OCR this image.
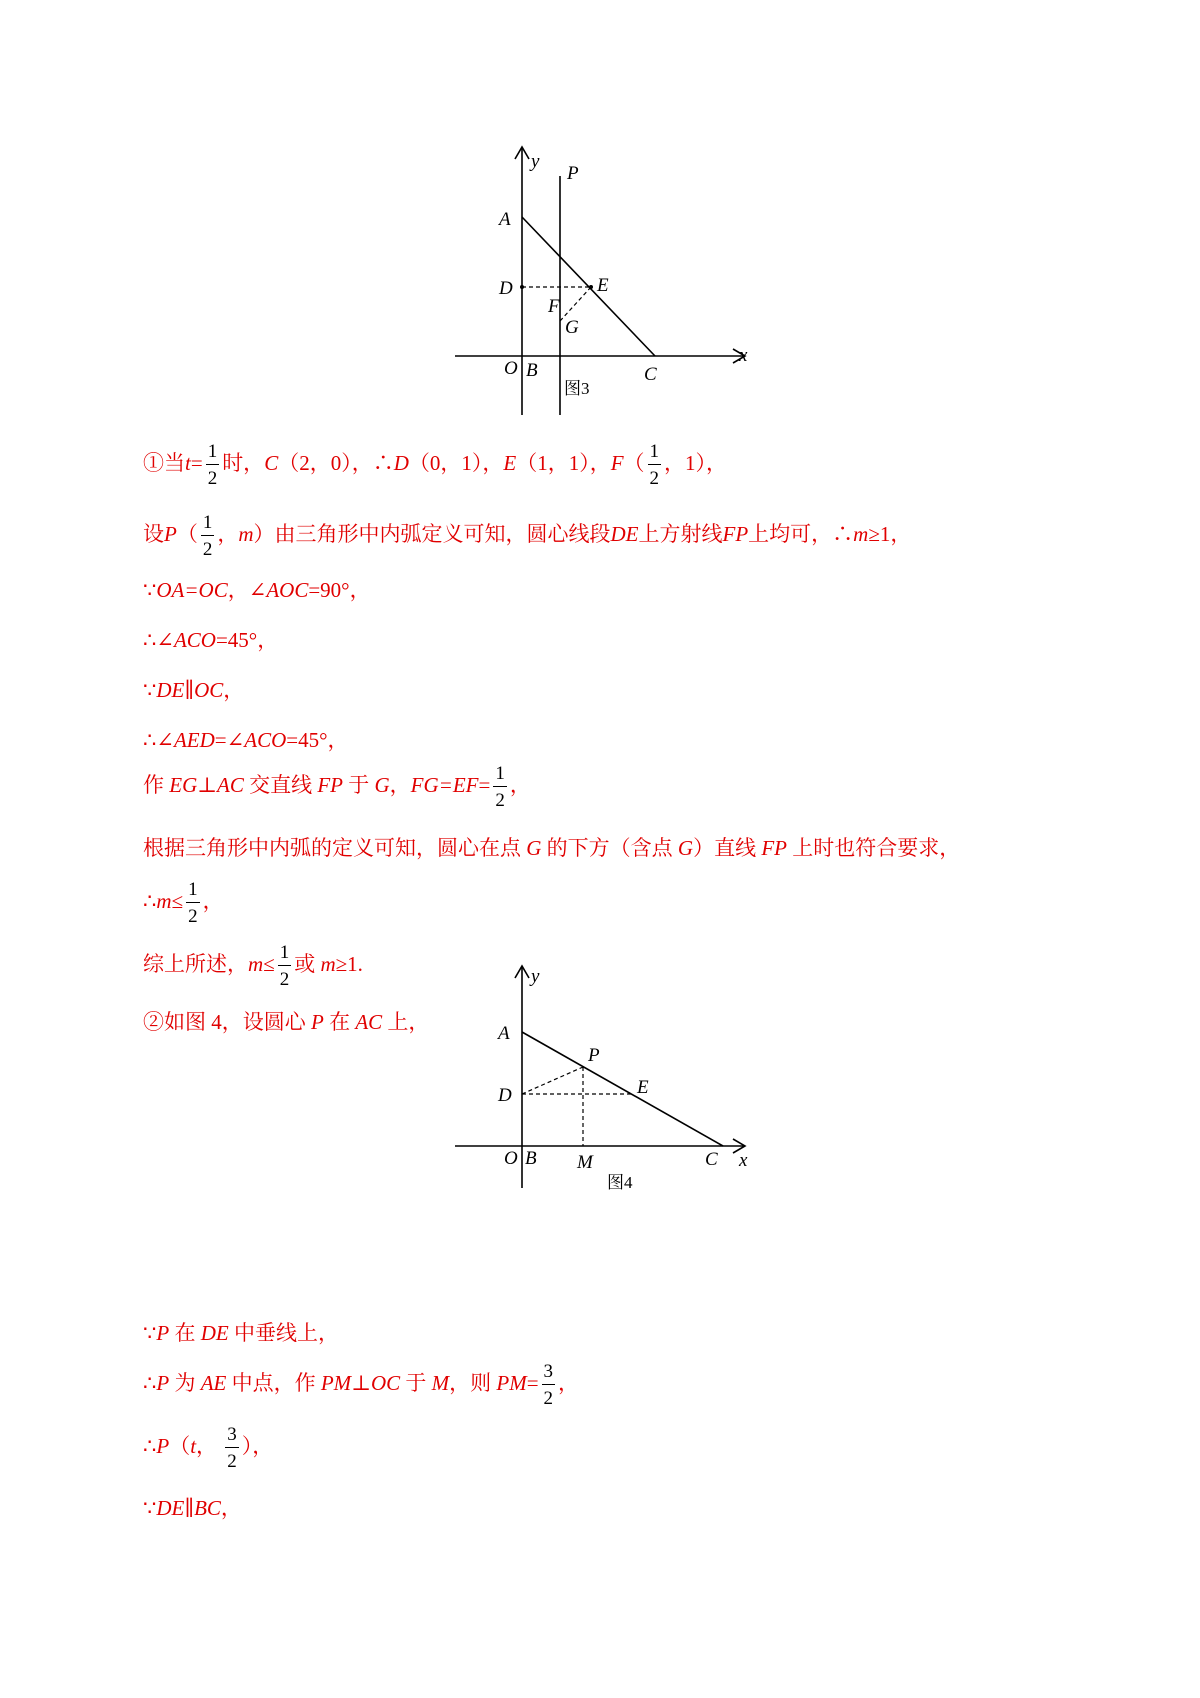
y
x
P
A
D	E
F
G
O B	C
图3
y
x
A
P
D	E
O B M	C
图4
①当$t= \frac{1}{2}$ 时，C（2，0），∴D（0，1），E（1，1），$F( \frac{1}{2}$ ，1），
设$P( \frac{1}{2}$ ，m）由三角形中内弧定义可知，圆心线段DE上方射线FP上均可，∴m≥1，
∵OA=OC，∠AOC=90°，
∴∠ACO=45°，
∵DE∥OC，
∴∠AED=∠ACO=45°，
作 EG⊥AC 交直线 FP 于 G，$FG=EF= \frac{1}{2}$ ，
根据三角形中内弧的定义可知，圆心在点 G 的下方（含点 G）直线 FP 上时也符合要求，
∴m≤ $\frac{1}{2}$ ，
综上所述，$m\le \frac{1}{2}$ 或 m≥1.
②如图 4，设圆心 P 在 AC 上，
∵P 在 DE 中垂线上，
∴P 为 AE 中点，作 PM⊥OC 于 M，则 $PM= \frac{3}{2}$ ，
∴P（t， $\frac{3}{2}$ ），
∵DE∥BC，
